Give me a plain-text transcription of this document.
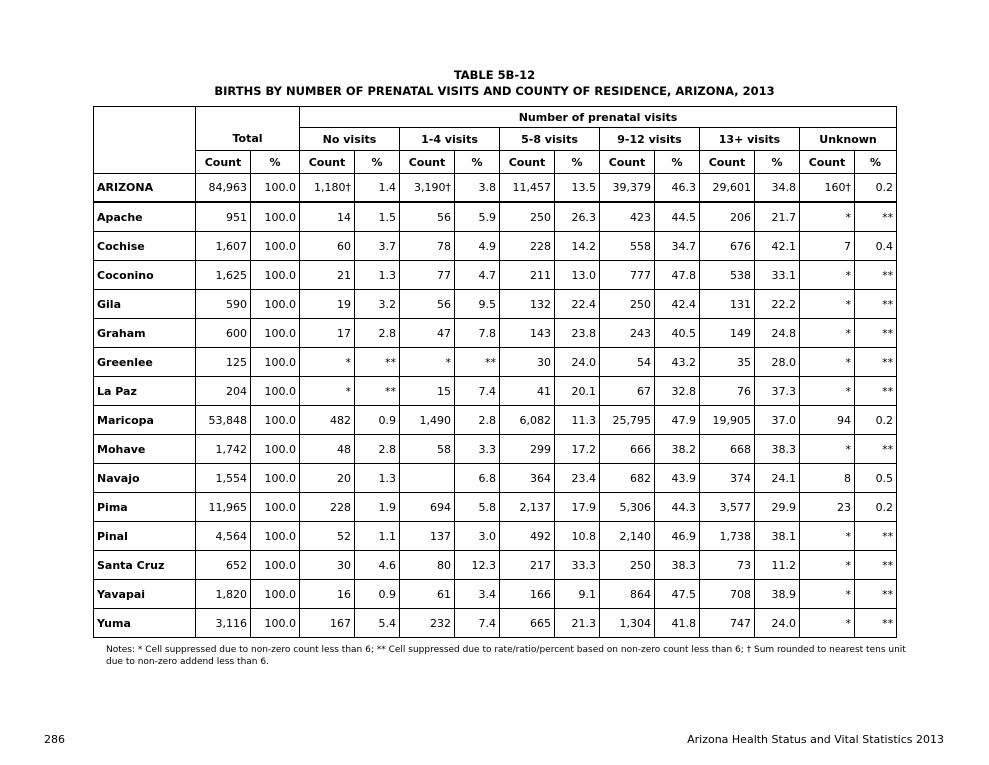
TABLE 5B-12
BIRTHS BY NUMBER OF PRENATAL VISITS AND COUNTY OF RESIDENCE, ARIZONA, 2013
			Number of prenatal visits											
	Total		No visits		1-4 visits		5-8 visits		9-12 visits		13+ visits		Unknown	
	Count	%	Count	%	Count	%	Count	%	Count	%	Count	%	Count	%
ARIZONA	84,963	100.0	1,180†	1.4	3,190†	3.8	11,457	13.5	39,379	46.3	29,601	34.8	160†	0.2
Apache	951	100.0	14	1.5	56	5.9	250	26.3	423	44.5	206	21.7	*	**
Cochise	1,607	100.0	60	3.7	78	4.9	228	14.2	558	34.7	676	42.1	7	0.4
Coconino	1,625	100.0	21	1.3	77	4.7	211	13.0	777	47.8	538	33.1	*	**
Gila	590	100.0	19	3.2	56	9.5	132	22.4	250	42.4	131	22.2	*	**
Graham	600	100.0	17	2.8	47	7.8	143	23.8	243	40.5	149	24.8	*	**
Greenlee	125	100.0	*	**	*	**	30	24.0	54	43.2	35	28.0	*	**
La Paz	204	100.0	*	**	15	7.4	41	20.1	67	32.8	76	37.3	*	**
Maricopa	53,848	100.0	482	0.9	1,490	2.8	6,082	11.3	25,795	47.9	19,905	37.0	94	0.2
Mohave	1,742	100.0	48	2.8	58	3.3	299	17.2	666	38.2	668	38.3	*	**
Navajo	1,554	100.0	20	1.3		6.8	364	23.4	682	43.9	374	24.1	8	0.5
Pima	11,965	100.0	228	1.9	694	5.8	2,137	17.9	5,306	44.3	3,577	29.9	23	0.2
Pinal	4,564	100.0	52	1.1	137	3.0	492	10.8	2,140	46.9	1,738	38.1	*	**
Santa Cruz	652	100.0	30	4.6	80	12.3	217	33.3	250	38.3	73	11.2	*	**
Yavapai	1,820	100.0	16	0.9	61	3.4	166	9.1	864	47.5	708	38.9	*	**
Yuma	3,116	100.0	167	5.4	232	7.4	665	21.3	1,304	41.8	747	24.0	*	**
Notes: * Cell suppressed due to non-zero count less than 6; ** Cell suppressed due to rate/ratio/percent based on non-zero count less than 6; † Sum rounded to nearest tens unit
due to non-zero addend less than 6.
286	Arizona Health Status and Vital Statistics 2013
